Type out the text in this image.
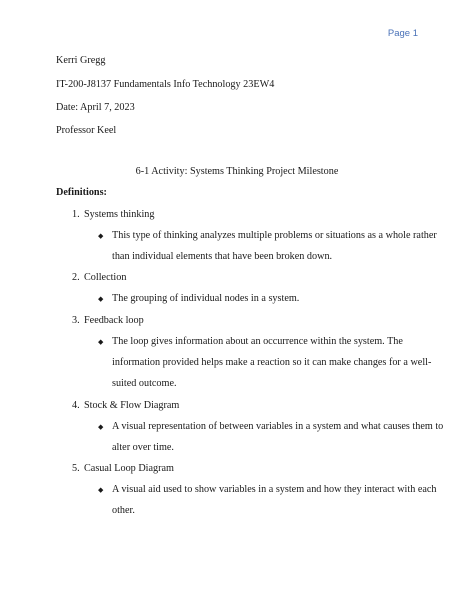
Page 1
Kerri Gregg
IT-200-J8137 Fundamentals Info Technology 23EW4
Date: April 7, 2023
Professor Keel
6-1 Activity: Systems Thinking Project Milestone
Definitions:
1. Systems thinking
◆ This type of thinking analyzes multiple problems or situations as a whole rather
than individual elements that have been broken down.
2. Collection
◆ The grouping of individual nodes in a system.
3. Feedback loop
◆ The loop gives information about an occurrence within the system. The
information provided helps make a reaction so it can make changes for a well-
suited outcome.
4. Stock & Flow Diagram
◆ A visual representation of between variables in a system and what causes them to
alter over time.
5. Casual Loop Diagram
◆ A visual aid used to show variables in a system and how they interact with each
other.
